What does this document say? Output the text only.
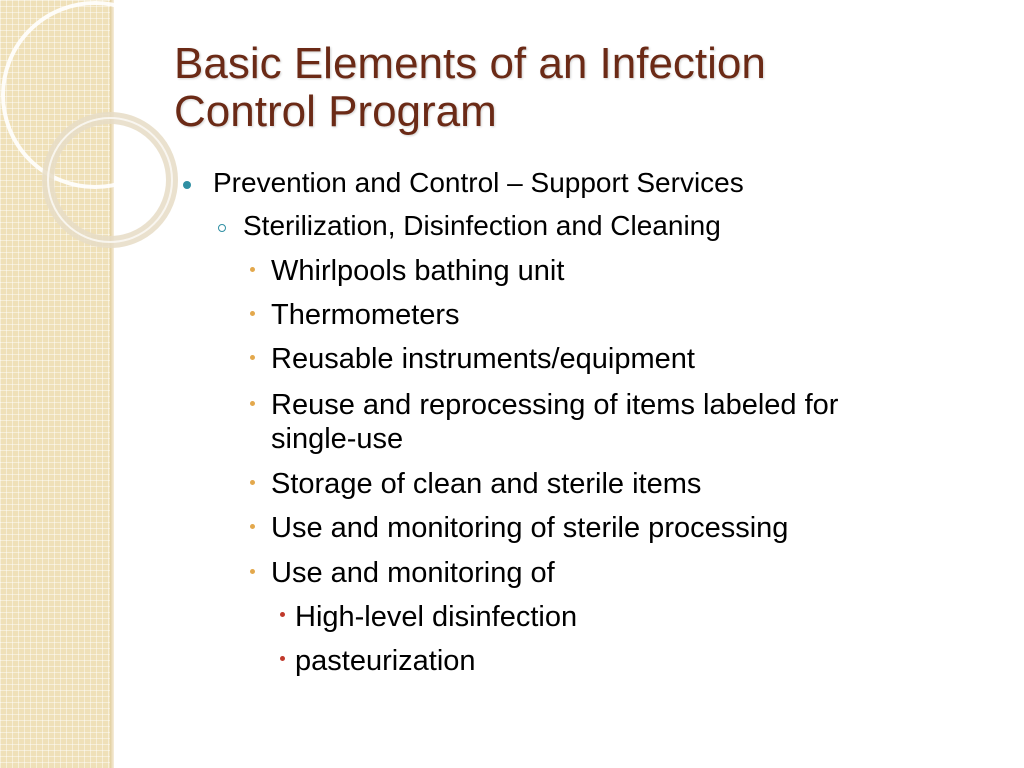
Basic Elements of an Infection
Control Program
Prevention and Control – Support Services
Sterilization, Disinfection and Cleaning
Whirlpools bathing unit
Thermometers
Reusable instruments/equipment
Reuse and reprocessing of items labeled for
single-use
Storage of clean and sterile items
Use and monitoring of sterile processing
Use and monitoring of
High-level disinfection
pasteurization
